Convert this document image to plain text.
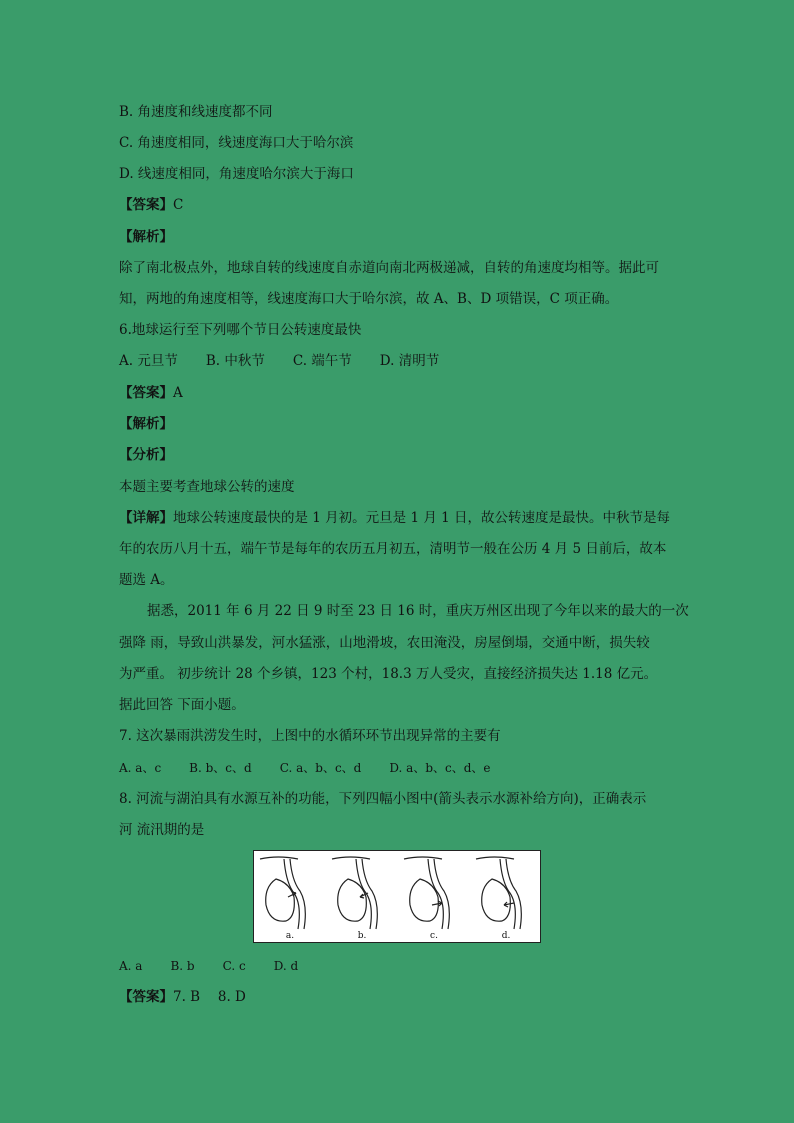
B. 角速度和线速度都不同
C. 角速度相同，线速度海口大于哈尔滨
D. 线速度相同，角速度哈尔滨大于海口
【答案】C
【解析】
除了南北极点外，地球自转的线速度自赤道向南北两极递减，自转的角速度均相等。据此可
知，两地的角速度相等，线速度海口大于哈尔滨，故 A、B、D 项错误，C 项正确。
6.地球运行至下列哪个节日公转速度最快
A. 元旦节 B. 中秋节 C. 端午节 D. 清明节
【答案】A
【解析】
【分析】
本题主要考查地球公转的速度
【详解】地球公转速度最快的是 1 月初。元旦是 1 月 1 日，故公转速度是最快。中秋节是每
年的农历八月十五，端午节是每年的农历五月初五，清明节一般在公历 4 月 5 日前后，故本
题选 A。
据悉，2011 年 6 月 22 日 9 时至 23 日 16 时，重庆万州区出现了今年以来的最大的一次
强降 雨，导致山洪暴发，河水猛涨，山地滑坡，农田淹没，房屋倒塌，交通中断，损失较
为严重。 初步统计 28 个乡镇，123 个村，18.3 万人受灾，直接经济损失达 1.18 亿元。
据此回答 下面小题。
7. 这次暴雨洪涝发生时，上图中的水循环环节出现异常的主要有
A. a、c B. b、c、d C. a、b、c、d D. a、b、c、d、e
8. 河流与湖泊具有水源互补的功能，下列四幅小图中(箭头表示水源补给方向)，正确表示
河 流汛期的是
a.	b.	c.	d.
A. a B. b C. c D. d
【答案】7. B　 8. D
